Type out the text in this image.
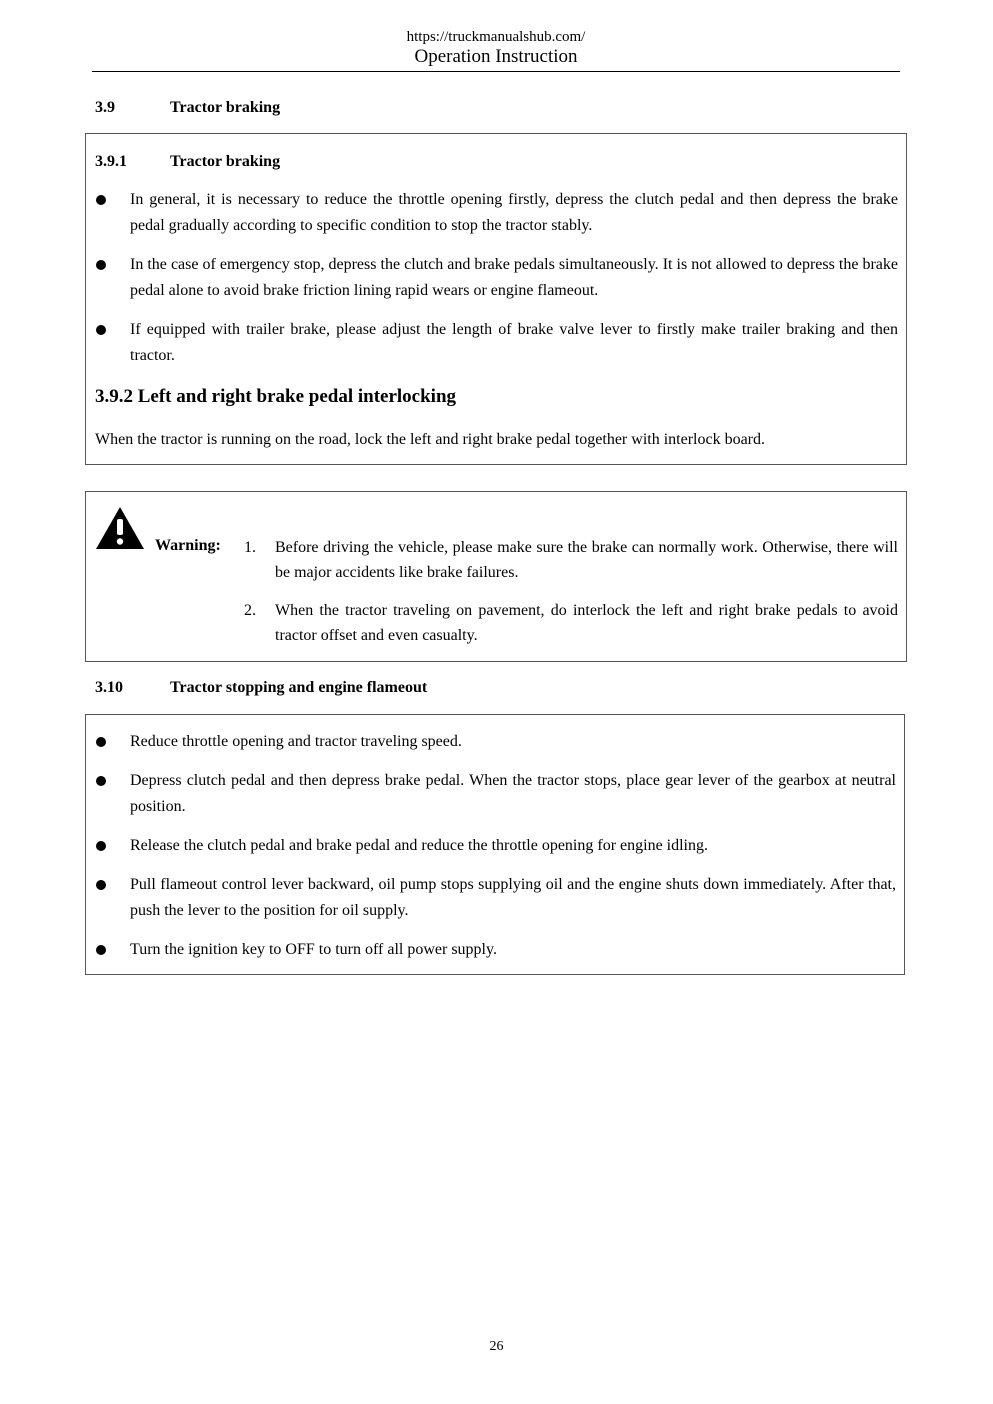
https://truckmanualshub.com/
Operation Instruction
3.9	Tractor braking
3.9.1	Tractor braking
In general, it is necessary to reduce the throttle opening firstly, depress the clutch pedal and then depress the brake pedal gradually according to specific condition to stop the tractor stably.
In the case of emergency stop, depress the clutch and brake pedals simultaneously. It is not allowed to depress the brake pedal alone to avoid brake friction lining rapid wears or engine flameout.
If equipped with trailer brake, please adjust the length of brake valve lever to firstly make trailer braking and then tractor.
3.9.2 Left and right brake pedal interlocking
When the tractor is running on the road, lock the left and right brake pedal together with interlock board.
Warning: 1. Before driving the vehicle, please make sure the brake can normally work. Otherwise, there will be major accidents like brake failures.
2. When the tractor traveling on pavement, do interlock the left and right brake pedals to avoid tractor offset and even casualty.
3.10	Tractor stopping and engine flameout
Reduce throttle opening and tractor traveling speed.
Depress clutch pedal and then depress brake pedal. When the tractor stops, place gear lever of the gearbox at neutral position.
Release the clutch pedal and brake pedal and reduce the throttle opening for engine idling.
Pull flameout control lever backward, oil pump stops supplying oil and the engine shuts down immediately. After that, push the lever to the position for oil supply.
Turn the ignition key to OFF to turn off all power supply.
26
